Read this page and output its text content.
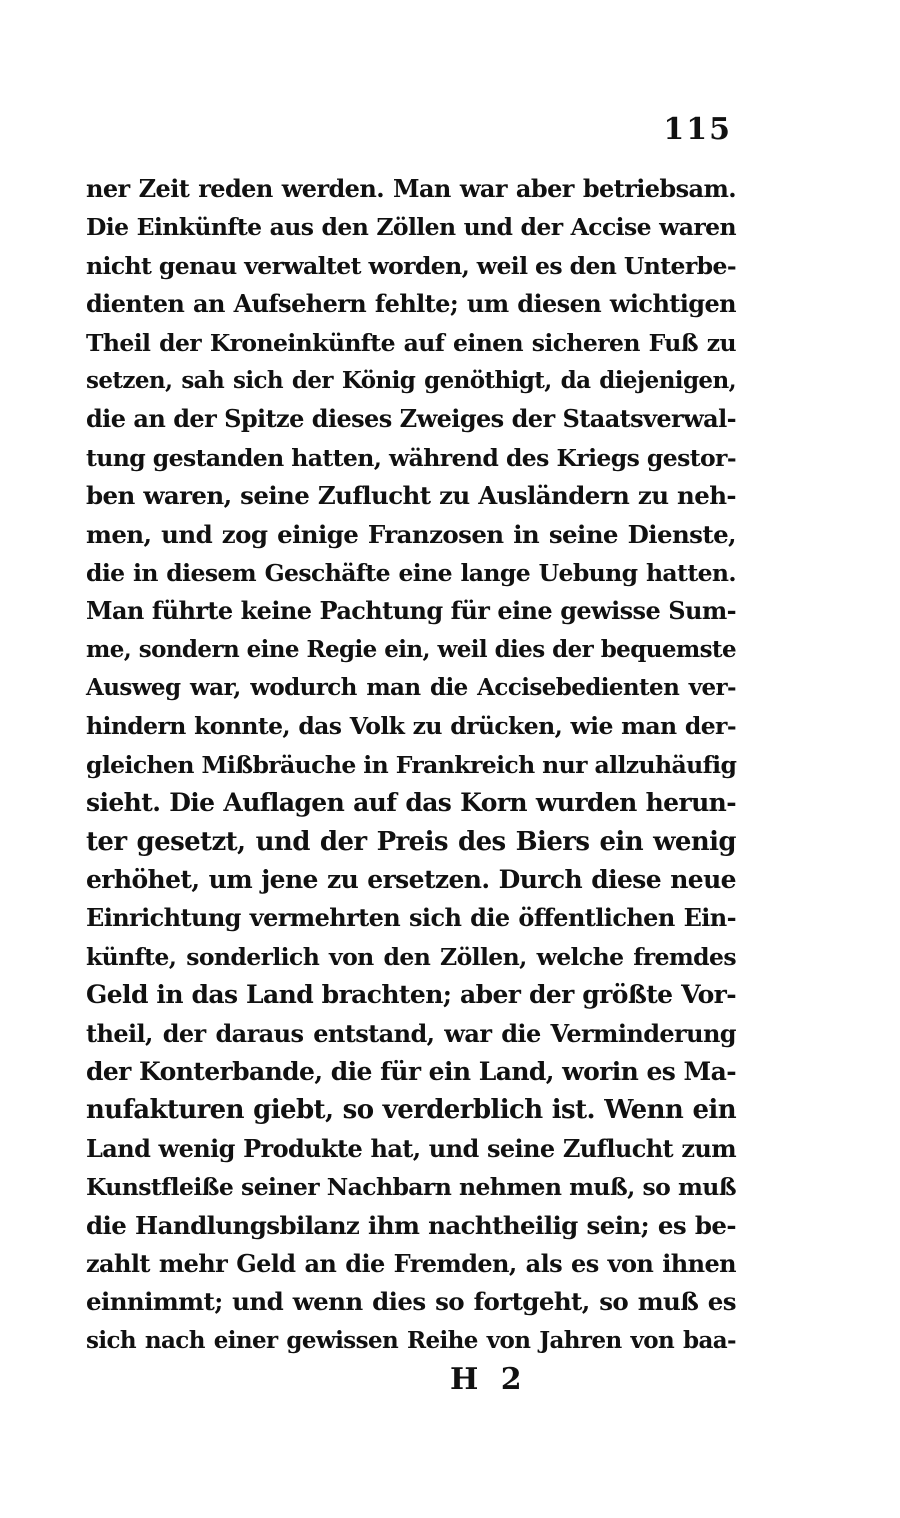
115
ner Zeit reden werden. Man war aber betriebsam.
Die Einkünfte aus den Zöllen und der Accise waren
nicht genau verwaltet worden, weil es den Unterbe-
dienten an Aufsehern fehlte; um diesen wichtigen
Theil der Kroneinkünfte auf einen sicheren Fuß zu
setzen, sah sich der König genöthigt, da diejenigen,
die an der Spitze dieses Zweiges der Staatsverwal-
tung gestanden hatten, während des Kriegs gestor-
ben waren, seine Zuflucht zu Ausländern zu neh-
men, und zog einige Franzosen in seine Dienste,
die in diesem Geschäfte eine lange Uebung hatten.
Man führte keine Pachtung für eine gewisse Sum-
me, sondern eine Regie ein, weil dies der bequemste
Ausweg war, wodurch man die Accisebedienten ver-
hindern konnte, das Volk zu drücken, wie man der-
gleichen Mißbräuche in Frankreich nur allzuhäufig
sieht. Die Auflagen auf das Korn wurden herun-
ter gesetzt, und der Preis des Biers ein wenig
erhöhet, um jene zu ersetzen. Durch diese neue
Einrichtung vermehrten sich die öffentlichen Ein-
künfte, sonderlich von den Zöllen, welche fremdes
Geld in das Land brachten; aber der größte Vor-
theil, der daraus entstand, war die Verminderung
der Konterbande, die für ein Land, worin es Ma-
nufakturen giebt, so verderblich ist. Wenn ein
Land wenig Produkte hat, und seine Zuflucht zum
Kunstfleiße seiner Nachbarn nehmen muß, so muß
die Handlungsbilanz ihm nachtheilig sein; es be-
zahlt mehr Geld an die Fremden, als es von ihnen
einnimmt; und wenn dies so fortgeht, so muß es
sich nach einer gewissen Reihe von Jahren von baa-
H 2
